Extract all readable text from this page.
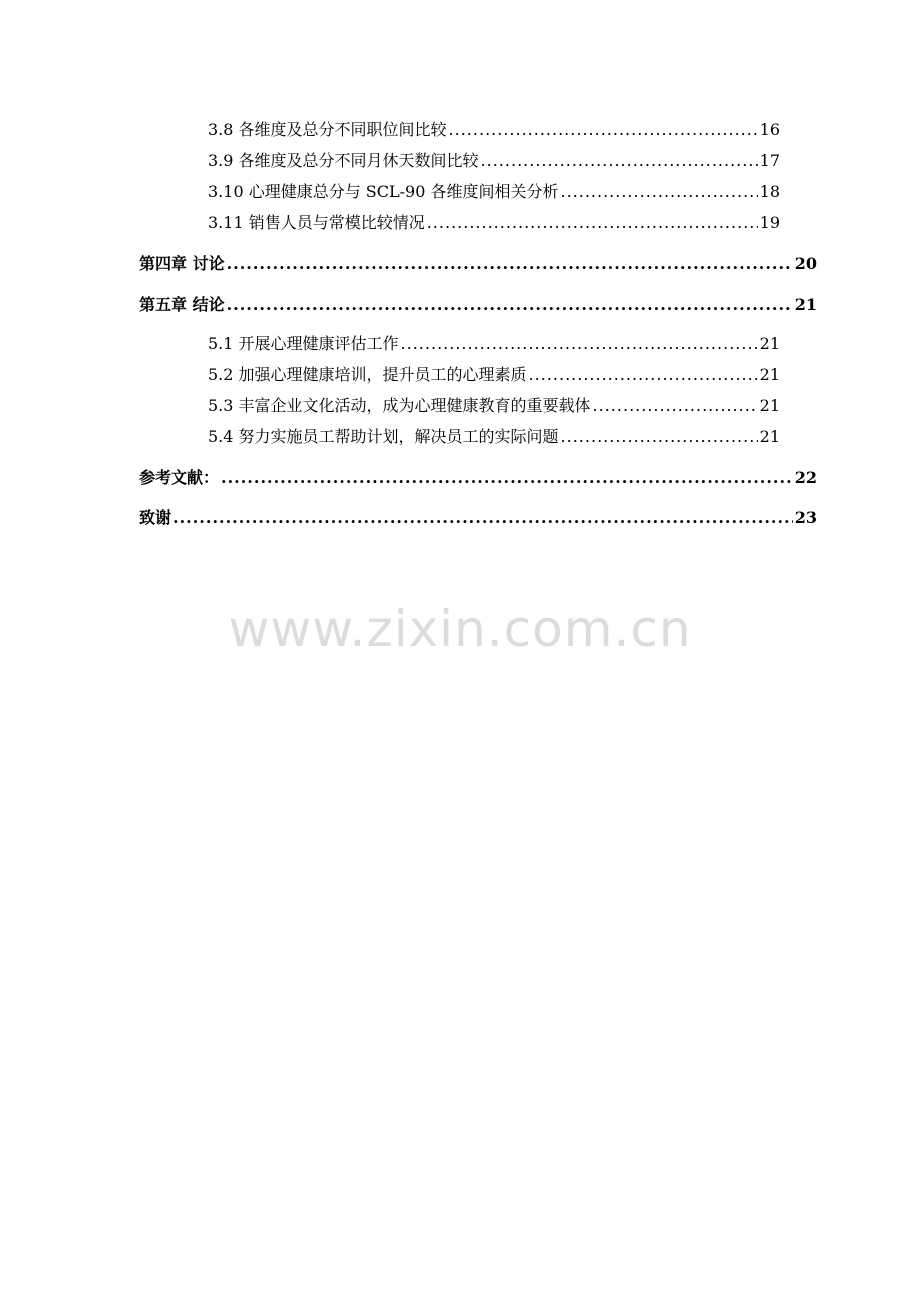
3.8 各维度及总分不同职位间比较 .....	16
3.9 各维度及总分不同月休天数间比较 .....	17
3.10 心理健康总分与 SCL-90 各维度间相关分析 .....	18
3.11 销售人员与常模比较情况 .....	19
第四章 讨论 .....	20
第五章 结论 .....	21
5.1 开展心理健康评估工作 .....	21
5.2 加强心理健康培训，提升员工的心理素质 .....	21
5.3 丰富企业文化活动，成为心理健康教育的重要载体 .....	21
5.4 努力实施员工帮助计划，解决员工的实际问题 .....	21
参考文献： .....	22
致谢 .....	23
www.zixin.com.cn
